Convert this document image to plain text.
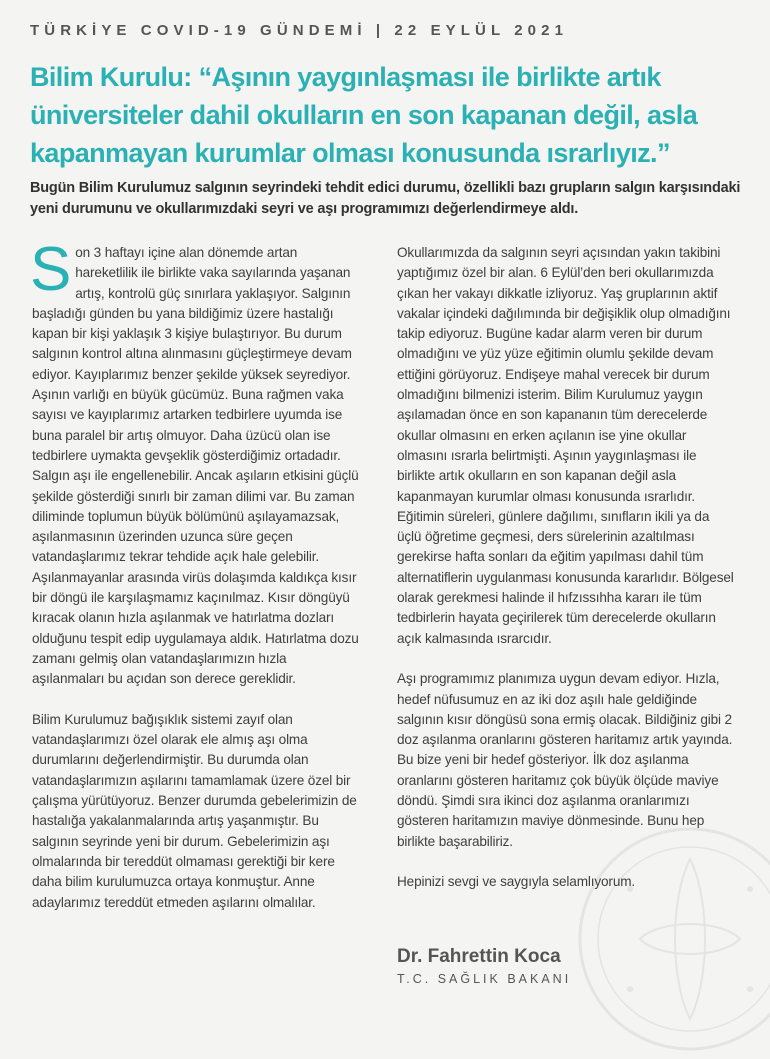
TÜRKİYE COVID-19 GÜNDEMİ | 22 EYLÜL 2021
Bilim Kurulu: “Aşının yaygınlaşması ile birlikte artık üniversiteler dahil okulların en son kapanan değil, asla kapanmayan kurumlar olması konusunda ısrarlıyız.”

Bugün Bilim Kurulumuz salgının seyrindeki tehdit edici durumu, özellikli bazı grupların salgın karşısındaki yeni durumunu ve okullarımızdaki seyri ve aşı programımızı değerlendirmeye aldı.

Son 3 haftayı içine alan dönemde artan hareketlilik ile birlikte vaka sayılarında yaşanan artış, kontrolü güç sınırlara yaklaşıyor. Salgının başladığı günden bu yana bildiğimiz üzere hastalığı kapan bir kişi yaklaşık 3 kişiye bulaştırıyor. Bu durum salgının kontrol altına alınmasını güçleştirmeye devam ediyor. Kayıplarımız benzer şekilde yüksek seyrediyor. Aşının varlığı en büyük gücümüz. Buna rağmen vaka sayısı ve kayıplarımız artarken tedbirlere uyumda ise buna paralel bir artış olmuyor. Daha üzücü olan ise tedbirlere uymakta gevşeklik gösterdiğimiz ortadadır. Salgın aşı ile engellenebilir. Ancak aşıların etkisini güçlü şekilde gösterdiği sınırlı bir zaman dilimi var. Bu zaman diliminde toplumun büyük bölümünü aşılayamazsak, aşılanmasının üzerinden uzunca süre geçen vatandaşlarımız tekrar tehdide açık hale gelebilir. Aşılanmayanlar arasında virüs dolaşımda kaldıkça kısır bir döngü ile karşılaşmamız kaçınılmaz. Kısır döngüyü kıracak olanın hızla aşılanmak ve hatırlatma dozları olduğunu tespit edip uygulamaya aldık. Hatırlatma dozu zamanı gelmiş olan vatandaşlarımızın hızla aşılanmaları bu açıdan son derece gereklidir.

Bilim Kurulumuz bağışıklık sistemi zayıf olan vatandaşlarımızı özel olarak ele almış aşı olma durumlarını değerlendirmiştir. Bu durumda olan vatandaşlarımızın aşılarını tamamlamak üzere özel bir çalışma yürütüyoruz. Benzer durumda gebelerimizin de hastalığa yakalanmalarında artış yaşanmıştır. Bu salgının seyrinde yeni bir durum. Gebelerimizin aşı olmalarında bir tereddüt olmaması gerektiği bir kere daha bilim kurulumuzca ortaya konmuştur. Anne adaylarımız tereddüt etmeden aşılarını olmalılar.

Okullarımızda da salgının seyri açısından yakın takibini yaptığımız özel bir alan. 6 Eylül’den beri okullarımızda çıkan her vakayı dikkatle izliyoruz. Yaş gruplarının aktif vakalar içindeki dağılımında bir değişiklik olup olmadığını takip ediyoruz. Bugüne kadar alarm veren bir durum olmadığını ve yüz yüze eğitimin olumlu şekilde devam ettiğini görüyoruz. Endişeye mahal verecek bir durum olmadığını bilmenizi isterim. Bilim Kurulumuz yaygın aşılamadan önce en son kapananın tüm derecelerde okullar olmasını en erken açılanın ise yine okullar olmasını ısrarla belirtmişti. Aşının yaygınlaşması ile birlikte artık okulların en son kapanan değil asla kapanmayan kurumlar olması konusunda ısrarlıdır. Eğitimin süreleri, günlere dağılımı, sınıfların ikili ya da üçlü öğretime geçmesi, ders sürelerinin azaltılması gerekirse hafta sonları da eğitim yapılması dahil tüm alternatiflerin uygulanması konusunda kararlıdır. Bölgesel olarak gerekmesi halinde il hıfzıssıhha kararı ile tüm tedbirlerin hayata geçirilerek tüm derecelerde okulların açık kalmasında ısrarcıdır.

Aşı programımız planımıza uygun devam ediyor. Hızla, hedef nüfusumuz en az iki doz aşılı hale geldiğinde salgının kısır döngüsü sona ermiş olacak. Bildiğiniz gibi 2 doz aşılanma oranlarını gösteren haritamız artık yayında. Bu bize yeni bir hedef gösteriyor. İlk doz aşılanma oranlarını gösteren haritamız çok büyük ölçüde maviye döndü. Şimdi sıra ikinci doz aşılanma oranlarımızı gösteren haritamızın maviye dönmesinde. Bunu hep birlikte başarabiliriz.

Hepinizi sevgi ve saygıyla selamlıyorum.

Dr. Fahrettin Koca
T.C. SAĞLIK BAKANI
